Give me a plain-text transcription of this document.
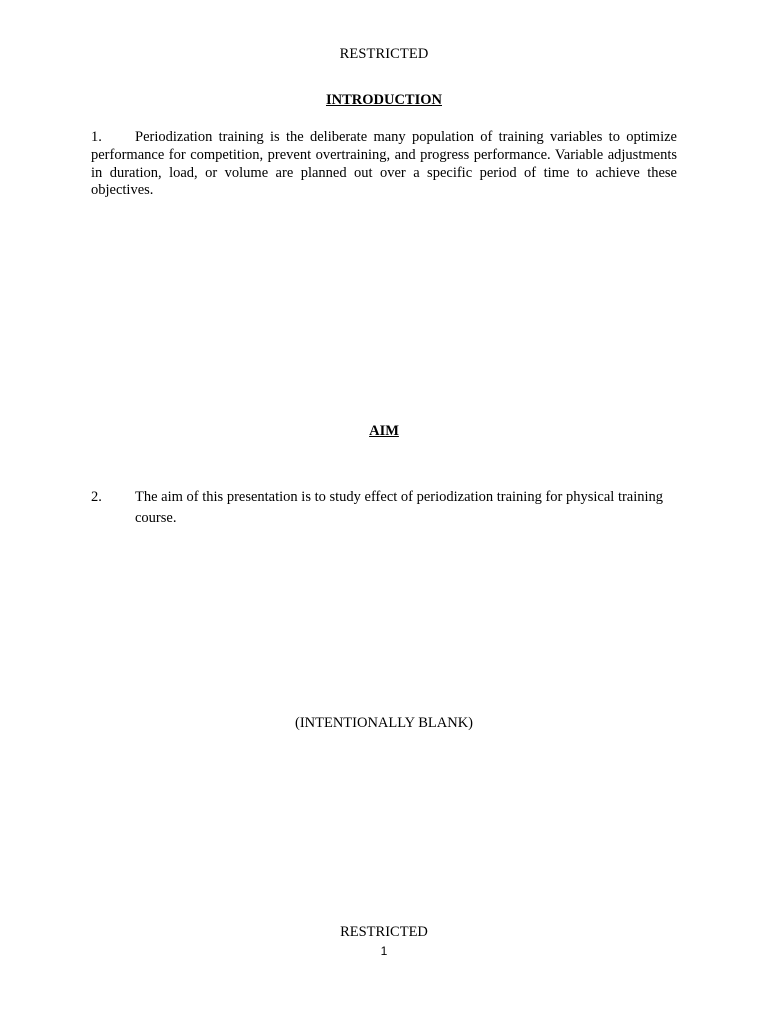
RESTRICTED
INTRODUCTION
1. Periodization training is the deliberate many population of training variables to optimize performance for competition, prevent overtraining, and progress performance. Variable adjustments in duration, load, or volume are planned out over a specific period of time to achieve these objectives.
AIM
2. The aim of this presentation is to study effect of periodization training for physical training course.
(INTENTIONALLY BLANK)
RESTRICTED
1
